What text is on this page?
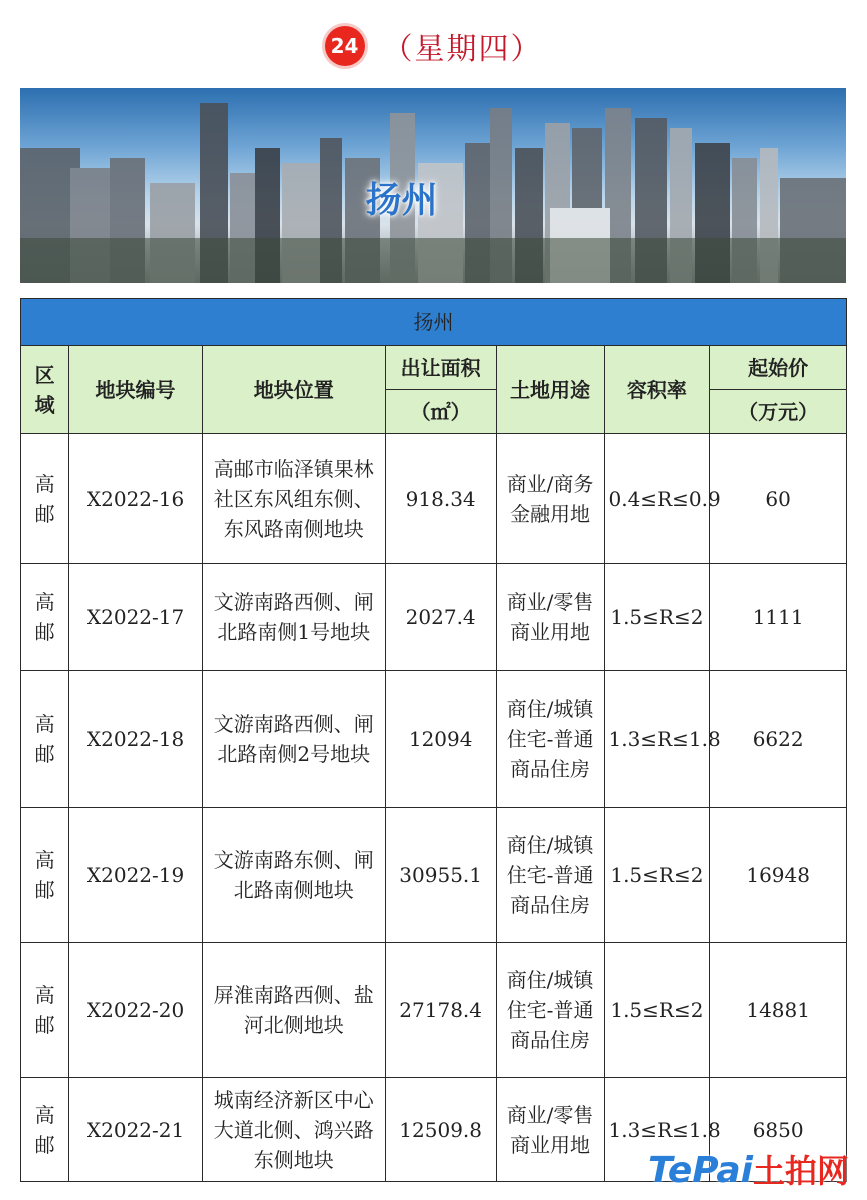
24 （星期四）
扬州
扬州						
区域	地块编号	地块位置	出让面积	土地用途	容积率	起始价
			（㎡）			（万元）
高邮	X2022-16	高邮市临泽镇果林社区东风组东侧、东风路南侧地块	918.34	商业/商务金融用地	0.4≤R≤0.9	60
高邮	X2022-17	文游南路西侧、闸北路南侧1号地块	2027.4	商业/零售商业用地	1.5≤R≤2	1111
高邮	X2022-18	文游南路西侧、闸北路南侧2号地块	12094	商住/城镇住宅-普通商品住房	1.3≤R≤1.8	6622
高邮	X2022-19	文游南路东侧、闸北路南侧地块	30955.1	商住/城镇住宅-普通商品住房	1.5≤R≤2	16948
高邮	X2022-20	屏淮南路西侧、盐河北侧地块	27178.4	商住/城镇住宅-普通商品住房	1.5≤R≤2	14881
高邮	X2022-21	城南经济新区中心大道北侧、鸿兴路东侧地块	12509.8	商业/零售商业用地	1.3≤R≤1.8	6850
TePai土拍网
